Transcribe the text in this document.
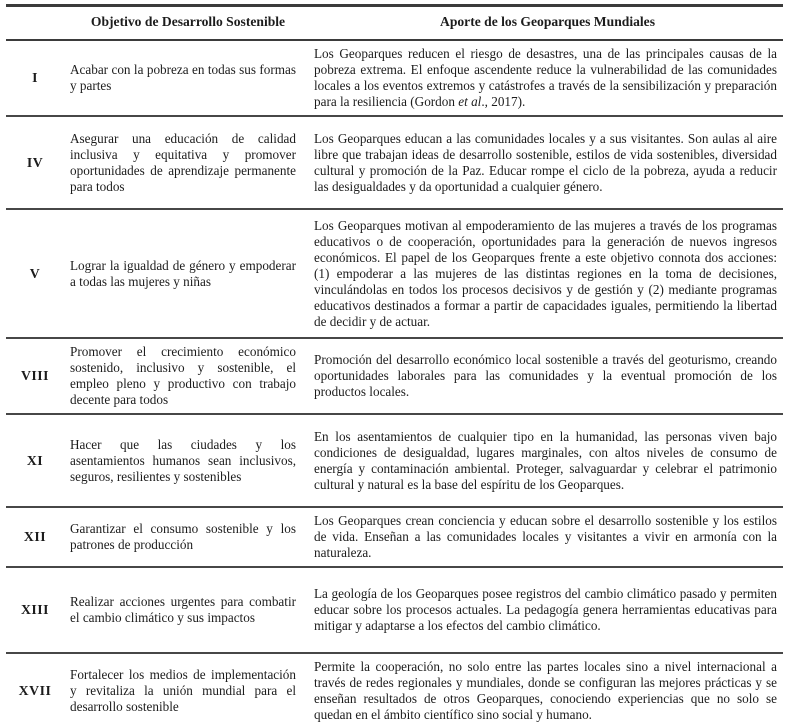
	Objetivo de Desarrollo Sostenible	Aporte de los Geoparques Mundiales
I	Acabar con la pobreza en todas sus formas y partes	Los Geoparques reducen el riesgo de desastres, una de las principales causas de la pobreza extrema. El enfoque ascendente reduce la vulnerabilidad de las comunidades locales a los eventos extremos y catástrofes a través de la sensibilización y preparación para la resiliencia (Gordon et al., 2017).
IV	Asegurar una educación de calidad inclusiva y equitativa y promover oportunidades de aprendizaje permanente para todos	Los Geoparques educan a las comunidades locales y a sus visitantes. Son aulas al aire libre que trabajan ideas de desarrollo sostenible, estilos de vida sostenibles, diversidad cultural y promoción de la Paz. Educar rompe el ciclo de la pobreza, ayuda a reducir las desigualdades y da oportunidad a cualquier género.
V	Lograr la igualdad de género y empoderar a todas las mujeres y niñas	Los Geoparques motivan al empoderamiento de las mujeres a través de los programas educativos o de cooperación, oportunidades para la generación de nuevos ingresos económicos. El papel de los Geoparques frente a este objetivo connota dos acciones: (1) empoderar a las mujeres de las distintas regiones en la toma de decisiones, vinculándolas en todos los procesos decisivos y de gestión y (2) mediante programas educativos destinados a formar a partir de capacidades iguales, permitiendo la libertad de decidir y de actuar.
VIII	Promover el crecimiento económico sostenido, inclusivo y sostenible, el empleo pleno y productivo con trabajo decente para todos	Promoción del desarrollo económico local sostenible a través del geoturismo, creando oportunidades laborales para las comunidades y la eventual promoción de los productos locales.
XI	Hacer que las ciudades y los asentamientos humanos sean inclusivos, seguros, resilientes y sostenibles	En los asentamientos de cualquier tipo en la humanidad, las personas viven bajo condiciones de desigualdad, lugares marginales, con altos niveles de consumo de energía y contaminación ambiental. Proteger, salvaguardar y celebrar el patrimonio cultural y natural es la base del espíritu de los Geoparques.
XII	Garantizar el consumo sostenible y los patrones de producción	Los Geoparques crean conciencia y educan sobre el desarrollo sostenible y los estilos de vida. Enseñan a las comunidades locales y visitantes a vivir en armonía con la naturaleza.
XIII	Realizar acciones urgentes para combatir el cambio climático y sus impactos	La geología de los Geoparques posee registros del cambio climático pasado y permiten educar sobre los procesos actuales. La pedagogía genera herramientas educativas para mitigar y adaptarse a los efectos del cambio climático.
XVII	Fortalecer los medios de implementación y revitaliza la unión mundial para el desarrollo sostenible	Permite la cooperación, no solo entre las partes locales sino a nivel internacional a través de redes regionales y mundiales, donde se configuran las mejores prácticas y se enseñan resultados de otros Geoparques, conociendo experiencias que no solo se quedan en el ámbito científico sino social y humano.
